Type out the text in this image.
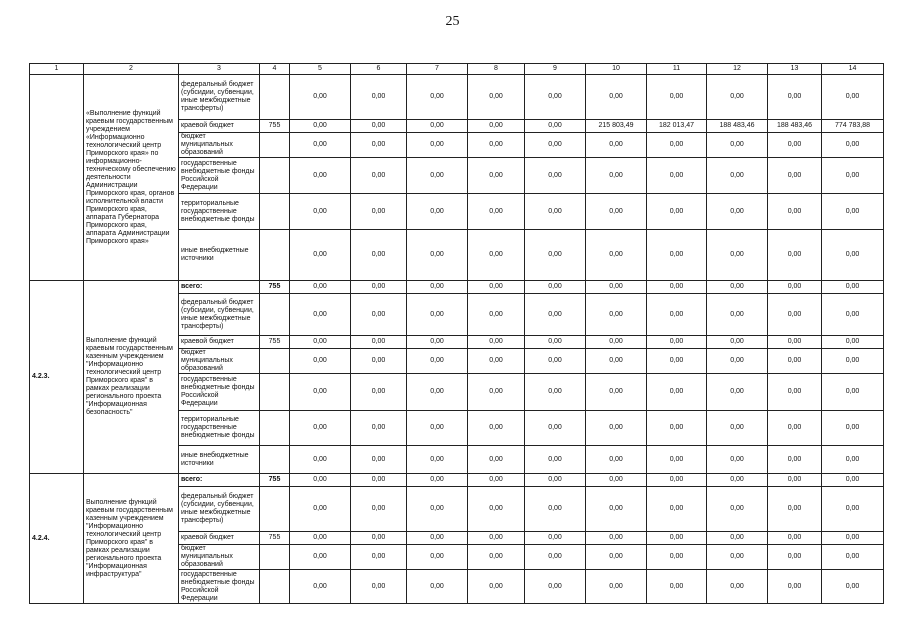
25
1	2	3	4	5	6	7	8	9	10	11	12	13	14
	«Выполнение функций краевым государственным учреждением «Информационно технологический центр Приморского края» по информационно-техническому обеспечению деятельности Администрации Приморского края, органов исполнительной власти Приморского края, аппарата Губернатора Приморского края, аппарата Администрации Приморского края»	федеральный бюджет (субсидии, субвенции, иные межбюджетные трансферты)		0,00	0,00	0,00	0,00	0,00	0,00	0,00	0,00	0,00	0,00
		краевой бюджет	755	0,00	0,00	0,00	0,00	0,00	215 803,49	182 013,47	188 483,46	188 483,46	774 783,88
		бюджет муниципальных образований		0,00	0,00	0,00	0,00	0,00	0,00	0,00	0,00	0,00	0,00
		государственные внебюджетные фонды Российской Федерации		0,00	0,00	0,00	0,00	0,00	0,00	0,00	0,00	0,00	0,00
		территориальные государственные внебюджетные фонды		0,00	0,00	0,00	0,00	0,00	0,00	0,00	0,00	0,00	0,00
		иные внебюджетные источники		0,00	0,00	0,00	0,00	0,00	0,00	0,00	0,00	0,00	0,00
4.2.3.	Выполнение функций краевым государственным казенным учреждением "Информационно технологический центр Приморского края" в рамках реализации регионального проекта "Информационная безопасность"	всего:	755	0,00	0,00	0,00	0,00	0,00	0,00	0,00	0,00	0,00	0,00
		федеральный бюджет (субсидии, субвенции, иные межбюджетные трансферты)		0,00	0,00	0,00	0,00	0,00	0,00	0,00	0,00	0,00	0,00
		краевой бюджет	755	0,00	0,00	0,00	0,00	0,00	0,00	0,00	0,00	0,00	0,00
		бюджет муниципальных образований		0,00	0,00	0,00	0,00	0,00	0,00	0,00	0,00	0,00	0,00
		государственные внебюджетные фонды Российской Федерации		0,00	0,00	0,00	0,00	0,00	0,00	0,00	0,00	0,00	0,00
		территориальные государственные внебюджетные фонды		0,00	0,00	0,00	0,00	0,00	0,00	0,00	0,00	0,00	0,00
		иные внебюджетные источники		0,00	0,00	0,00	0,00	0,00	0,00	0,00	0,00	0,00	0,00
4.2.4.	Выполнение функций краевым государственным казенным учреждением "Информационно технологический центр Приморского края" в рамках реализации регионального проекта "Информационная инфраструктура"	всего:	755	0,00	0,00	0,00	0,00	0,00	0,00	0,00	0,00	0,00	0,00
		федеральный бюджет (субсидии, субвенции, иные межбюджетные трансферты)		0,00	0,00	0,00	0,00	0,00	0,00	0,00	0,00	0,00	0,00
		краевой бюджет	755	0,00	0,00	0,00	0,00	0,00	0,00	0,00	0,00	0,00	0,00
		бюджет муниципальных образований		0,00	0,00	0,00	0,00	0,00	0,00	0,00	0,00	0,00	0,00
		государственные внебюджетные фонды Российской Федерации		0,00	0,00	0,00	0,00	0,00	0,00	0,00	0,00	0,00	0,00
